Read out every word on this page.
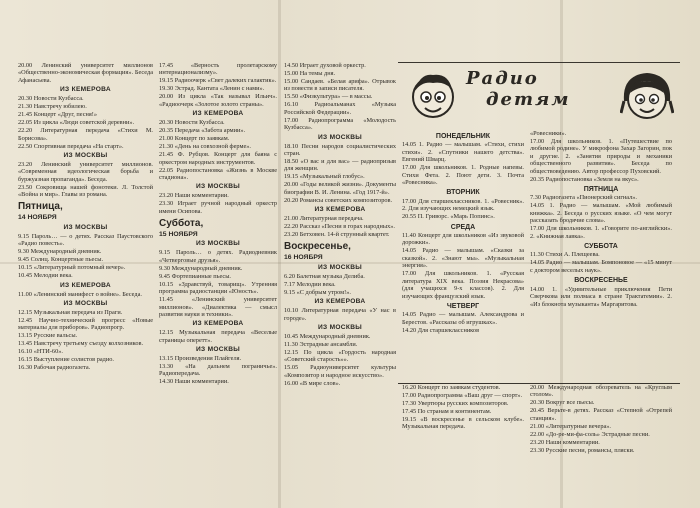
20.00 Ленинский университет миллионов «Общественно-экономическая формация». Беседа Афанасьева.

ИЗ КЕМЕРОВА

20.30 Новости Кузбасса.

21.30 Навстречу юбилею.

21.45 Концерт «Друг, песня!»

22.05 Из цикла «Люди советской деревни».

22.20 Литературная передача «Стихи М. Борисова».

22.50 Спортивная передача «На старт».

ИЗ МОСКВЫ

23.20 Ленинский университет миллионов. «Современная идеологическая борьба и буржуазная пропаганда». Беседа.

23.50 Сокровища нашей фонотеки. Л. Толстой «Война и мир». Главы из романа.

Пятница,
14 НОЯБРЯ
ИЗ МОСКВЫ

9.15 Пароль… — о детях. Рассказ Паустовского «Радио повесть».

9.30 Международный дневник.

9.45 Солнц. Концертные пьесы.

10.15 «Литературный потомный вечер».

10.45 Мелодии века.

ИЗ КЕМЕРОВА

11.00 «Ленинский манифест о войне». Беседа.

ИЗ МОСКВЫ

12.15 Музыкальная передача из Праги.

12.45 Научно-технический прогресс «Новые материалы для приборов». Радиопрогр.

13.15 Русские вальсы.

13.45 Навстречу третьему съезду колхозников.

16.10 «НТИ-60».

16.15 Выступление солистов радио.

16.30 Рабочая радиогазета.

17.45 «Верность пролетарскому интернационализму».

19.15 Радиоочерк «Свет далеких галактик».

19.30 Эстрад. Кантата «Ленин с нами».

20.00 Из цикла «Так называл Ильич». «Радиоочерк «Золотое золото страны».

ИЗ КЕМЕРОВА

20.30 Новости Кузбасса.

20.35 Передача «Забота армии».

21.00 Концерт по заявкам.

21.30 «День на совхозной ферме».

21.45 Ф. Рубцов. Концерт для баяна с оркестром народных инструментов.

22.05 Радиопостановка «Жизнь в Москве стадиона».

ИЗ МОСКВЫ

23.20 Наши комментарии.

23.30 Играет ручной народный оркестр имени Осипова.

Суббота,
15 НОЯБРЯ
ИЗ МОСКВЫ

9.15 Пароль… о детях. Радиодневник «Четверговые друзья».

9.30 Международный дневник.

9.45 Фортепианные пьесы.

10.15 «Здравствуй, товарищ». Утренняя программа радиостанции «Юность».

11.45 «Ленинский университет миллионов». «Диалектика — смысл развития науки и техники».

ИЗ КЕМЕРОВА

12.15 Музыкальная передача «Веселые страницы оперетт».

ИЗ МОСКВЫ

13.15 Произведения Плайгеля.

13.30 «На дальнем пограничье». Радиопередача.

14.30 Наши комментарии.

14.50 Играет духовой оркестр.

15.00 На темы дня.

15.00 Сандаев. «Белая арифа». Отрывок из повести в записи писателя.

15.50 «Физкультура» — в массы.

16.10 Радиоальманах «Музыка Российской Федерации».

17.00 Радиопрограмма «Молодость Кузбасса».

ИЗ МОСКВЫ

18.10 Песни народов социалистических стран.

18.50 «О вас и для вас» — радиопризыв для женщин.

19.15 «Музыкальный глобус».

20.00 «Годы великой жизни». Документы биографии В. И. Ленина. «Год 1917-й».

20.20 Романсы советских композиторов.

ИЗ КЕМЕРОВА

21.00 Литературная передача.

22.20 Рассказ «Песни в горах народных».

23.20 Бетховен. 14-й струнный квартет.

Воскресенье,
16 НОЯБРЯ
ИЗ МОСКВЫ

6.20 Балетная музыка Делиба.

7.17 Мелодии века.

9.15 «С добрым утром!».

ИЗ КЕМЕРОВА

10.10 Литературная передача «У нас в городе».

ИЗ МОСКВЫ

10.45 Международный дневник.

11.30 Эстрадные ансамбли.

12.15 По цикла «Гордость народная «Советский старость»».

15.05 Радиоуниверситет культуры «Композитор и народное искусство».

16.00 «В мире слов».

Радио
детям
ПОНЕДЕЛЬНИК

14.05 1. Радио — малышам. «Стихи, стихи стихи». 2. «Спутники нашего детства». Евгений Шварц.

17.00 Для школьников. 1. Родные напевы. Стихи Фета. 2. Поют дети. 3. Почта «Ровесника».

ВТОРНИК

17.00 Для старшеклассников. 1. «Ровесник». 2. Для изучающих немецкий язык.

20.55 П. Гриворс. «Марь Попинс».

СРЕДА

11.40 Концерт для школьников «Из звуковой дорожки».

14.05 Радио — малышам. «Сказки за сказкой». 2. «Знают мы». «Музыкальная энергия».

17.00 Для школьников. 1. «Русская литература XIX века. Поэзия Некрасова» (для учащихся 9-х классов). 2. Для изучающих французский язык.

ЧЕТВЕРГ

14.05 Радио — малышам. Александрова и Берестов. «Рассказы об игрушках».

14.20 Для старшеклассников

«Ровесники».

17.00 Для школьников. 1. «Путешествие по любимой родине». У микрофона Захар Загорин, пок и другие. 2. «Занятия природы и механики общественного развития». Беседа по обществоведению. Автор профессор Пуховский.

20.35 Радиопостановка «Земля на вкус».

ПЯТНИЦА

7.30 Радиогазета «Пионерский сигнал».

14.05 1. Радио — малышам. «Мой любимый книжка». 2. Беседа о русских языке. «О чем могут рассказать бродячие слова».

17.00 Для школьников. 1. «Говорите по-английски». 2. «Книжная лавка».

СУББОТА

11.30 Стихи А. Плещеева.

14.05 Радио — малышам. Бомпоновое — «15 минут с доктором веселых наук».

ВОСКРЕСЕНЬЕ

14.00 1. «Удивительные приключения Пети Сверчкова или полмаса в стране Трактатемии». 2. «Из блокнота музыканта» Маргаритова.

16.20 Концерт по заявкам студентов.

17.00 Радиопрограмма «Ваш друг — спорт».

17.30 Увертюры русских композиторов.

17.45 По странам и континентам.

19.15 «В воскресенье в сельском клубе». Музыкальная передача.

20.00 Международная обозреватель на «Круглым столом».

20.30 Вокруг все пьесы.

20.45 Верьте-в детях. Рассказ «Степной «Отрепей станция».

21.00 «Литературные вечера».

22.00 «До-ре-ми-фа-соль» Эстрадные песни.

23.20 Наши комментарии.

23.30 Русские песни, романсы, пляски.
